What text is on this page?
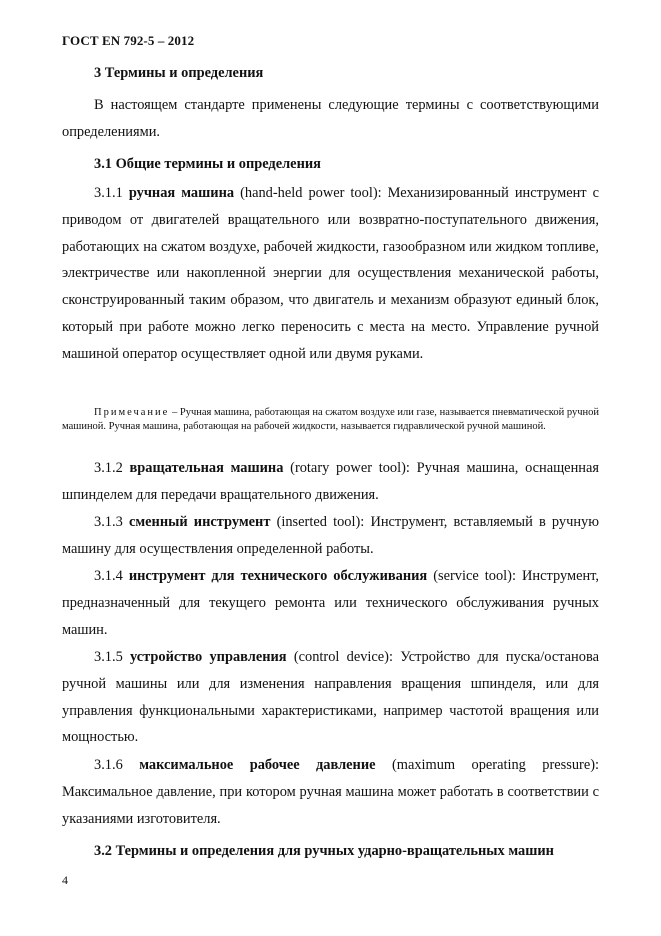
ГОСТ EN 792-5 – 2012
3 Термины и определения
В настоящем стандарте применены следующие термины с соответствующими определениями.
3.1 Общие термины и определения
3.1.1 ручная машина (hand-held power tool): Механизированный инструмент с приводом от двигателей вращательного или возвратно-поступательного движения, работающих на сжатом воздухе, рабочей жидкости, газообразном или жидком топливе, электричестве или накопленной энергии для осуществления механической работы, сконструированный таким образом, что двигатель и механизм образуют единый блок, который при работе можно легко переносить с места на место. Управление ручной машиной оператор осуществляет одной или двумя руками.
Примечание – Ручная машина, работающая на сжатом воздухе или газе, называется пневматической ручной машиной. Ручная машина, работающая на рабочей жидкости, называется гидравлической ручной машиной.
3.1.2 вращательная машина (rotary power tool): Ручная машина, оснащенная шпинделем для передачи вращательного движения.
3.1.3 сменный инструмент (inserted tool): Инструмент, вставляемый в ручную машину для осуществления определенной работы.
3.1.4 инструмент для технического обслуживания (service tool): Инструмент, предназначенный для текущего ремонта или технического обслуживания ручных машин.
3.1.5 устройство управления (control device): Устройство для пуска/останова ручной машины или для изменения направления вращения шпинделя, или для управления функциональными характеристиками, например частотой вращения или мощностью.
3.1.6 максимальное рабочее давление (maximum operating pressure): Максимальное давление, при котором ручная машина может работать в соответствии с указаниями изготовителя.
3.2 Термины и определения для ручных ударно-вращательных машин
4
